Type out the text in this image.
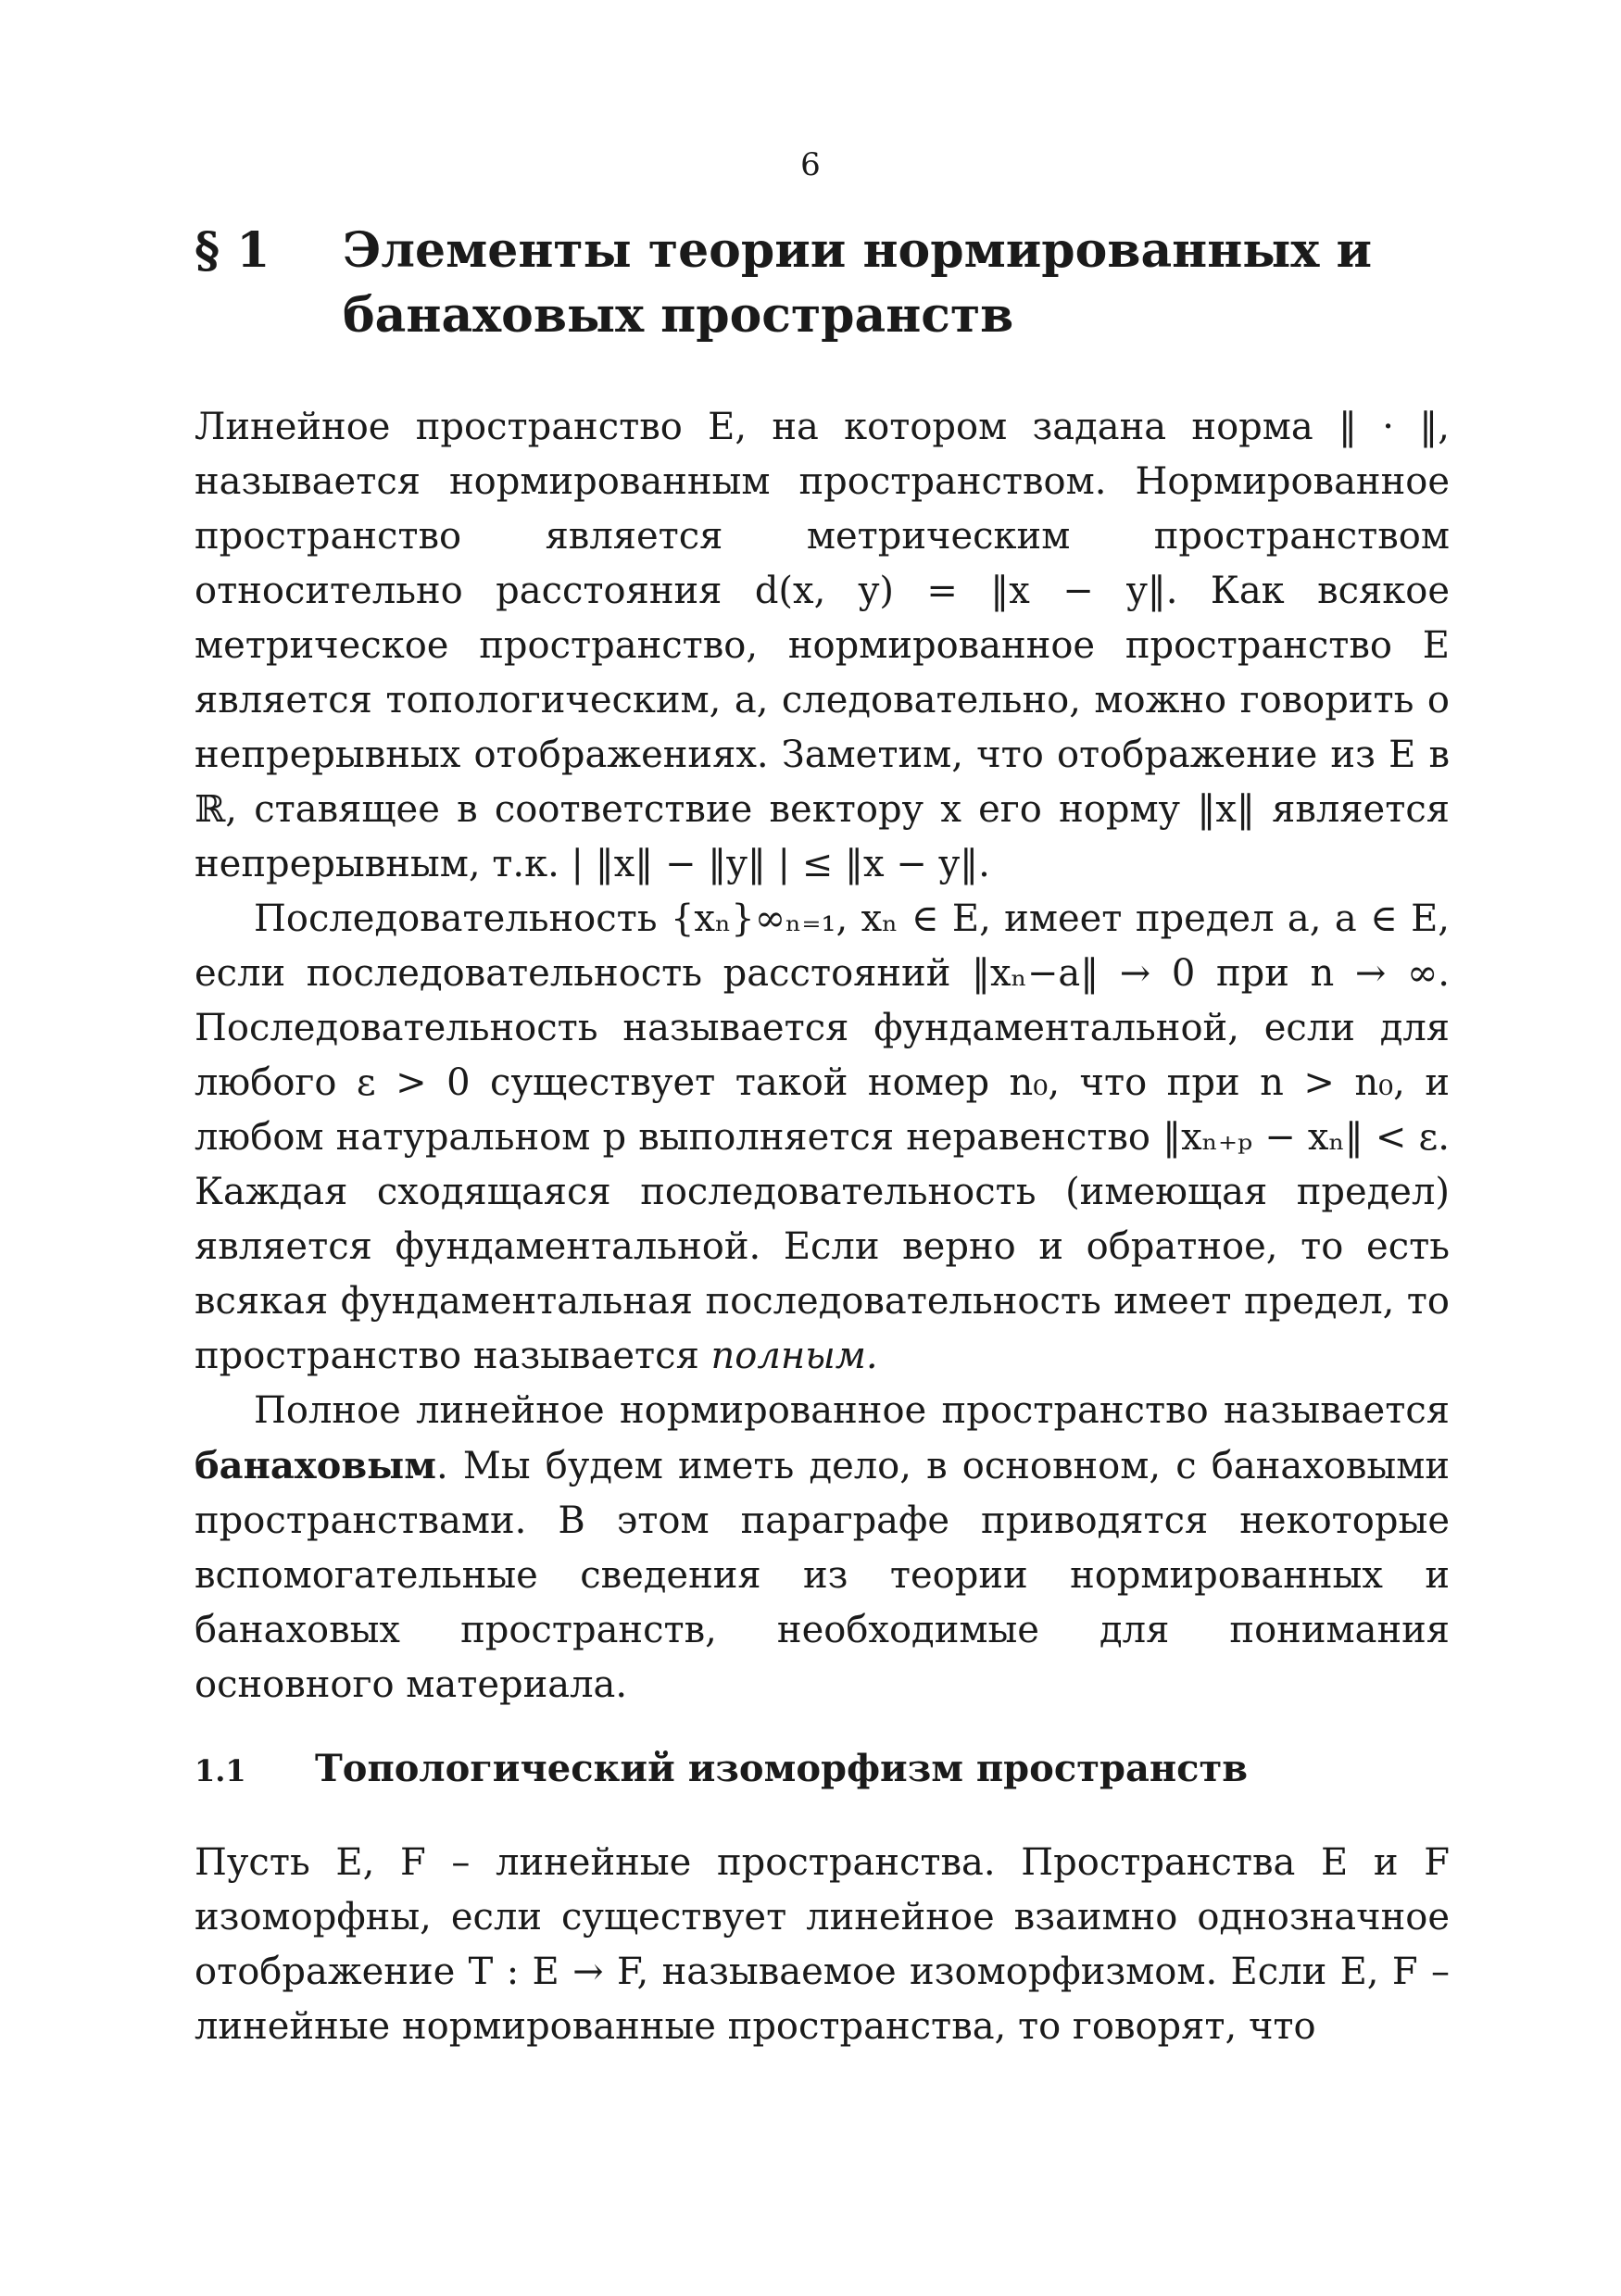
6
§ 1	Элементы теории нормированных и банаховых пространств

Линейное пространство E, на котором задана норма ‖ · ‖, называется нормированным пространством. Нормированное пространство является метрическим пространством относительно расстояния d(x, y) = ‖x − y‖. Как всякое метрическое пространство, нормированное пространство E является топологическим, а, следовательно, можно говорить о непрерывных отображениях. Заметим, что отображение из E в ℝ, ставящее в соответствие вектору x его норму ‖x‖ является непрерывным, т.к. | ‖x‖ − ‖y‖ | ≤ ‖x − y‖.

Последовательность {xₙ}∞ₙ₌₁, xₙ ∈ E, имеет предел a, a ∈ E, если последовательность расстояний ‖xₙ−a‖ → 0 при n → ∞. Последовательность называется фундаментальной, если для любого ε > 0 существует такой номер n₀, что при n > n₀, и любом натуральном p выполняется неравенство ‖xₙ₊ₚ − xₙ‖ < ε. Каждая сходящаяся последовательность (имеющая предел) является фундаментальной. Если верно и обратное, то есть всякая фундаментальная последовательность имеет предел, то пространство называется полным.

Полное линейное нормированное пространство называется банаховым. Мы будем иметь дело, в основном, с банаховыми пространствами. В этом параграфе приводятся некоторые вспомогательные сведения из теории нормированных и банаховых пространств, необходимые для понимания основного материала.

1.1 Топологический изоморфизм пространств

Пусть E, F – линейные пространства. Пространства E и F изоморфны, если существует линейное взаимно однозначное отображение T : E → F, называемое изоморфизмом. Если E, F – линейные нормированные пространства, то говорят, что
